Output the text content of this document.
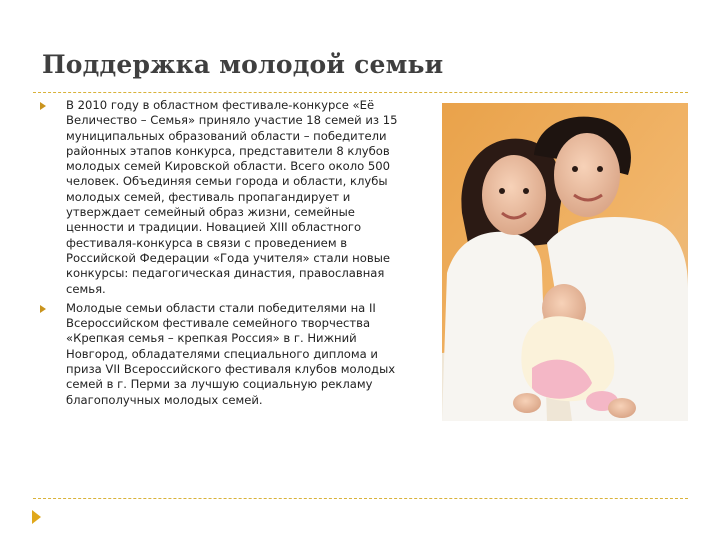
Поддержка молодой семьи
В 2010 году в областном фестивале-конкурсе «Её Величество – Семья» приняло участие 18 семей из 15 муниципальных образований области – победители районных этапов конкурса, представители 8 клубов молодых семей Кировской области. Всего около 500 человек. Объединяя семьи города и области, клубы молодых семей, фестиваль пропагандирует и утверждает семейный образ жизни, семейные ценности и традиции. Новацией XIII областного фестиваля-конкурса в связи с проведением в Российской Федерации «Года учителя» стали новые конкурсы: педагогическая династия, православная семья.
Молодые семьи области стали победителями на II Всероссийском фестивале семейного творчества «Крепкая семья – крепкая Россия» в г. Нижний Новгород, обладателями специального диплома и приза VII Всероссийского фестиваля клубов молодых семей в г. Перми за лучшую социальную рекламу благополучных молодых семей.
